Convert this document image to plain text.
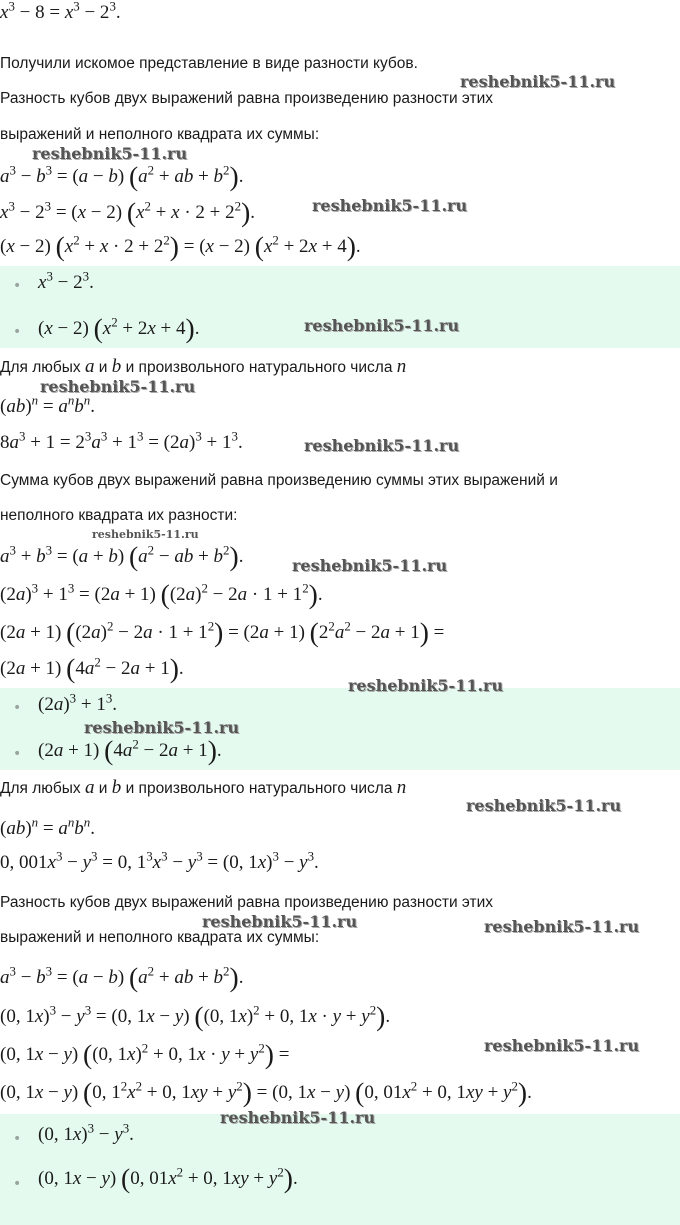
$x^3 - 8 = x^3 - 2^3$.
Получили искомое представление в виде разности кубов.
reshebnik5-11.ru
Разность кубов двух выражений равна произведению разности этих
выражений и неполного квадрата их суммы:
reshebnik5-11.ru
$a^3 - b^3 = (a - b) (a^2$ + ab + $b^2$).
$x^3 - 2^3 = (x - 2) (x^2 + x \cdot 2 + 2^2)$.	reshebnik5-11.ru
(x − 2) $(x^2 + x \cdot 2 + 2^2) = (x - 2) (x^2 + 2x + 4)$.
• $x^3 - 2^3$.
• (x − 2) $(x^2 + 2x + 4)$.	reshebnik5-11.ru
Для любых a и b и произвольного натурального числа n
reshebnik5-11.ru
$(ab)^n = a^nb^n$.
$8a^3 + 1 = 2^3a^3 + 1^3 = (2a)^3 + 1^3$.	reshebnik5-11.ru
Сумма кубов двух выражений равна произведению суммы этих выражений и
неполного квадрата их разности:
reshebnik5-11.ru
$a^3 + b^3 = (a + b) (a^2$ − ab + $b^2$).	reshebnik5-11.ru
$(2a)^3 + 1^3 = (2a + 1) ((2a)^2 - 2a \cdot 1 + 1^2)$.
(2a + 1) $((2a)^2 - 2a \cdot 1 + 1^2) = (2a + 1) (2^2a^2 - 2a + 1)$ =
(2a + 1) $(4a^2 - 2a + 1)$.
reshebnik5-11.ru
• $(2a)^3 + 1^3$.
reshebnik5-11.ru
• (2a + 1) $(4a^2 - 2a + 1)$.
Для любых a и b и произвольного натурального числа n
reshebnik5-11.ru
$(ab)^n = a^nb^n$.
0, $001x^3 - y^3 = 0$, $1^3x^3 - y^3 = (0$, $1x)^3 - y^3$.
Разность кубов двух выражений равна произведению разности этих
reshebnik5-11.ru	reshebnik5-11.ru
выражений и неполного квадрата их суммы:
$a^3 - b^3 = (a - b) (a^2$ + ab + $b^2$).
(0, $1x)^3 - y^3 = (0$, 1x − y) ((0, 1x)$^2$ + 0, $1x \cdot y + y^2$).
(0, 1x − y) ((0, 1x)$^2$ + 0, $1x \cdot y + y^2$) =	reshebnik5-11.ru
(0, 1x − y) (0, $1^2x^2 + 0$, $1xy + y^2) = (0$, 1x − y) (0, $01x^2 + 0$, $1xy + y^2$).
reshebnik5-11.ru
• (0, $1x)^3 - y^3$.
• (0, 1x − y) (0, $01x^2 + 0$, $1xy + y^2$).
